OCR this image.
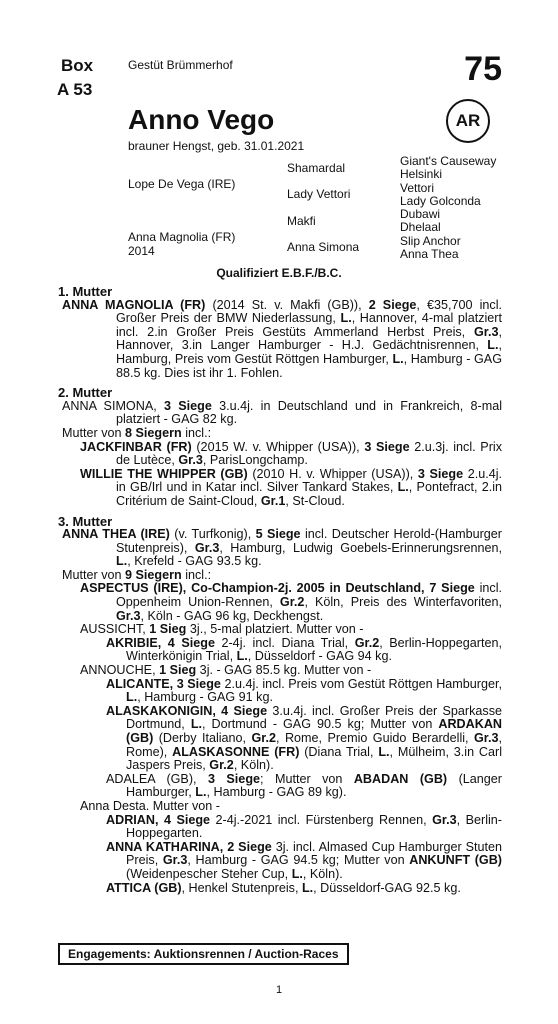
Box
A 53
Gestüt Brümmerhof	75
AR
Anno Vego
brauner Hengst, geb. 31.01.2021
Lope De Vega (IRE)
Anna Magnolia (FR)
2014
Shamardal
Lady Vettori
Makfi
Anna Simona
Giant's Causeway
Helsinki
Vettori
Lady Golconda
Dubawi
Dhelaal
Slip Anchor
Anna Thea
Qualifiziert E.B.F./B.C.

1. Mutter

ANNA MAGNOLIA (FR) (2014 St. v. Makfi (GB)), 2 Siege, €35,700 incl. Großer Preis der BMW Niederlassung, L., Hannover, 4-mal platziert incl. 2.in Großer Preis Gestüts Ammerland Herbst Preis, Gr.3, Hannover, 3.in Langer Hamburger - H.J. Gedächtnisrennen, L., Hamburg, Preis vom Gestüt Röttgen Hamburger, L., Hamburg - GAG 88.5 kg. Dies ist ihr 1. Fohlen.

2. Mutter

ANNA SIMONA, 3 Siege 3.u.4j. in Deutschland und in Frankreich, 8-mal platziert - GAG 82 kg.

Mutter von 8 Siegern incl.:

JACKFINBAR (FR) (2015 W. v. Whipper (USA)), 3 Siege 2.u.3j. incl. Prix de Lutèce, Gr.3, ParisLongchamp.

WILLIE THE WHIPPER (GB) (2010 H. v. Whipper (USA)), 3 Siege 2.u.4j. in GB/Irl und in Katar incl. Silver Tankard Stakes, L., Pontefract, 2.in Critérium de Saint-Cloud, Gr.1, St-Cloud.

3. Mutter

ANNA THEA (IRE) (v. Turfkonig), 5 Siege incl. Deutscher Herold-(Hamburger Stutenpreis), Gr.3, Hamburg, Ludwig Goebels-Erinnerungsrennen, L., Krefeld - GAG 93.5 kg.

Mutter von 9 Siegern incl.:

ASPECTUS (IRE), Co-Champion-2j. 2005 in Deutschland, 7 Siege incl. Oppenheim Union-Rennen, Gr.2, Köln, Preis des Winterfavoriten, Gr.3, Köln - GAG 96 kg, Deckhengst.

AUSSICHT, 1 Sieg 3j., 5-mal platziert. Mutter von -

AKRIBIE, 4 Siege 2-4j. incl. Diana Trial, Gr.2, Berlin-Hoppegarten, Winterkönigin Trial, L., Düsseldorf - GAG 94 kg.

ANNOUCHE, 1 Sieg 3j. - GAG 85.5 kg. Mutter von -

ALICANTE, 3 Siege 2.u.4j. incl. Preis vom Gestüt Röttgen Hamburger, L., Hamburg - GAG 91 kg.

ALASKAKONIGIN, 4 Siege 3.u.4j. incl. Großer Preis der Sparkasse Dortmund, L., Dortmund - GAG 90.5 kg; Mutter von ARDAKAN (GB) (Derby Italiano, Gr.2, Rome, Premio Guido Berardelli, Gr.3, Rome), ALASKASONNE (FR) (Diana Trial, L., Mülheim, 3.in Carl Jaspers Preis, Gr.2, Köln).

ADALEA (GB), 3 Siege; Mutter von ABADAN (GB) (Langer Hamburger, L., Hamburg - GAG 89 kg).

Anna Desta. Mutter von -

ADRIAN, 4 Siege 2-4j.-2021 incl. Fürstenberg Rennen, Gr.3, Berlin-Hoppegarten.

ANNA KATHARINA, 2 Siege 3j. incl. Almased Cup Hamburger Stuten Preis, Gr.3, Hamburg - GAG 94.5 kg; Mutter von ANKUNFT (GB) (Weidenpescher Steher Cup, L., Köln).

ATTICA (GB), Henkel Stutenpreis, L., Düsseldorf-GAG 92.5 kg.

Engagements: Auktionsrennen / Auction-Races
1
